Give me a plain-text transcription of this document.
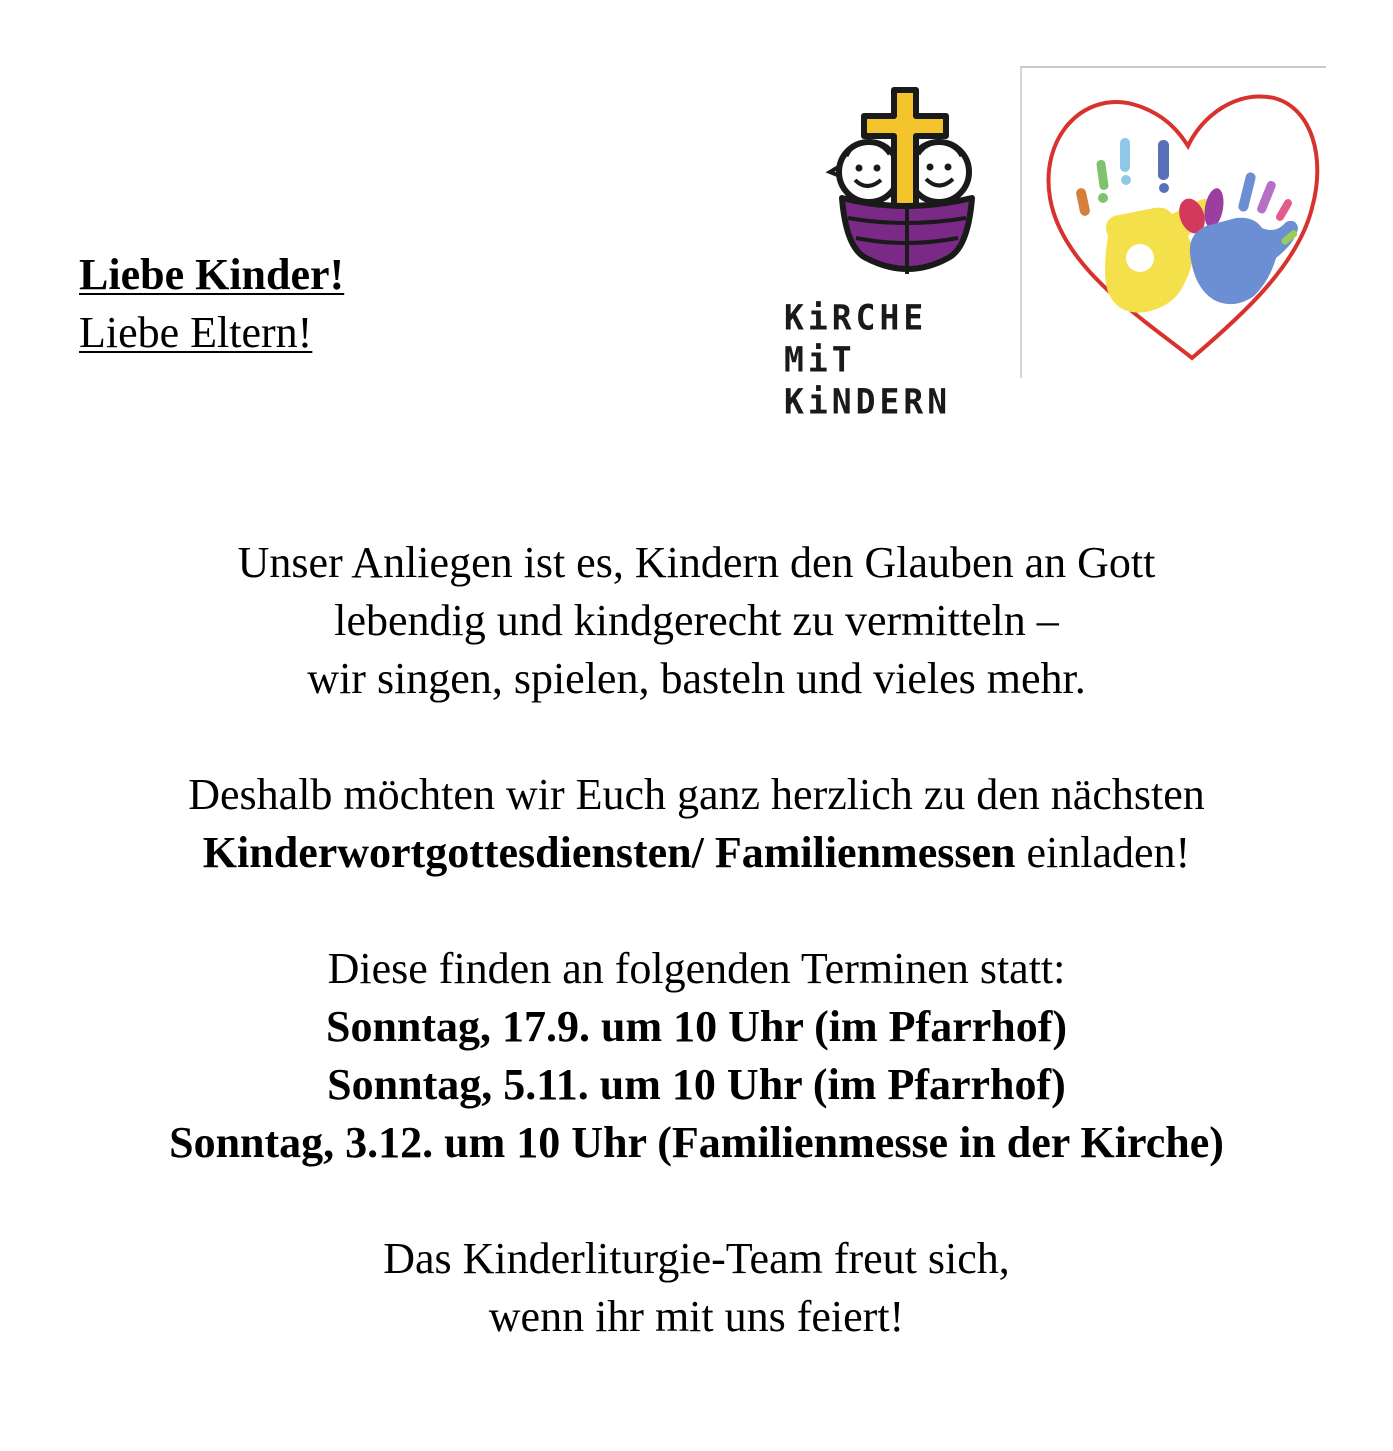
Liebe Kinder!
Liebe Eltern!	KiRCHE MiT
KiNDERN
Unser Anliegen ist es, Kindern den Glauben an Gott
lebendig und kindgerecht zu vermitteln –
wir singen, spielen, basteln und vieles mehr.
Deshalb möchten wir Euch ganz herzlich zu den nächsten
Kinderwortgottesdiensten/ Familienmessen einladen!
Diese finden an folgenden Terminen statt:
Sonntag, 17.9. um 10 Uhr (im Pfarrhof)
Sonntag, 5.11. um 10 Uhr (im Pfarrhof)
Sonntag, 3.12. um 10 Uhr (Familienmesse in der Kirche)
Das Kinderliturgie-Team freut sich,
wenn ihr mit uns feiert!
